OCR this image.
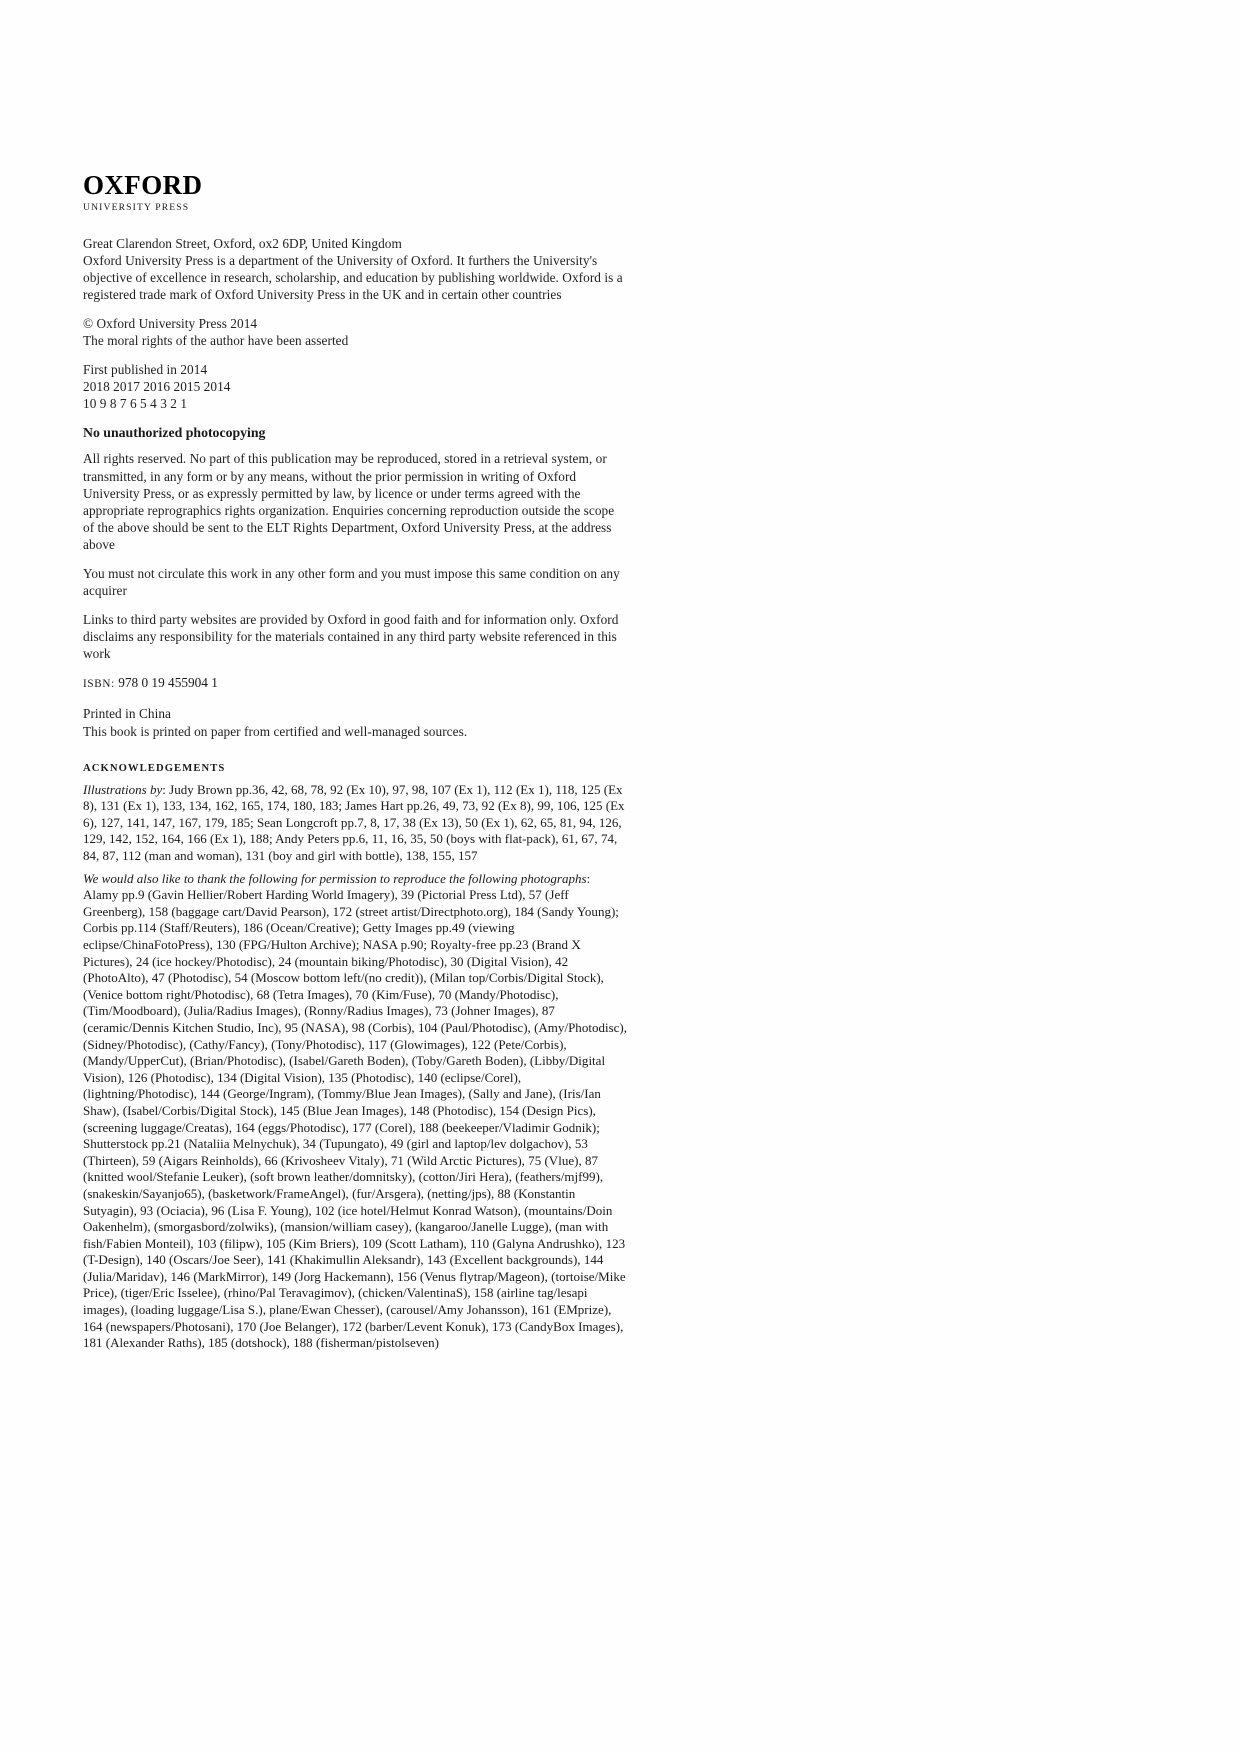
OXFORD
UNIVERSITY PRESS

Great Clarendon Street, Oxford, ox2 6DP, United Kingdom

Oxford University Press is a department of the University of Oxford. It furthers the University's objective of excellence in research, scholarship, and education by publishing worldwide. Oxford is a registered trade mark of Oxford University Press in the UK and in certain other countries

© Oxford University Press 2014

The moral rights of the author have been asserted

First published in 2014

2018 2017 2016 2015 2014

10 9 8 7 6 5 4 3 2 1

No unauthorized photocopying

All rights reserved. No part of this publication may be reproduced, stored in a retrieval system, or transmitted, in any form or by any means, without the prior permission in writing of Oxford University Press, or as expressly permitted by law, by licence or under terms agreed with the appropriate reprographics rights organization. Enquiries concerning reproduction outside the scope of the above should be sent to the ELT Rights Department, Oxford University Press, at the address above

You must not circulate this work in any other form and you must impose this same condition on any acquirer

Links to third party websites are provided by Oxford in good faith and for information only. Oxford disclaims any responsibility for the materials contained in any third party website referenced in this work

ISBN: 978 0 19 455904 1

Printed in China

This book is printed on paper from certified and well-managed sources.

ACKNOWLEDGEMENTS

Illustrations by: Judy Brown pp.36, 42, 68, 78, 92 (Ex 10), 97, 98, 107 (Ex 1), 112 (Ex 1), 118, 125 (Ex 8), 131 (Ex 1), 133, 134, 162, 165, 174, 180, 183; James Hart pp.26, 49, 73, 92 (Ex 8), 99, 106, 125 (Ex 6), 127, 141, 147, 167, 179, 185; Sean Longcroft pp.7, 8, 17, 38 (Ex 13), 50 (Ex 1), 62, 65, 81, 94, 126, 129, 142, 152, 164, 166 (Ex 1), 188; Andy Peters pp.6, 11, 16, 35, 50 (boys with flat-pack), 61, 67, 74, 84, 87, 112 (man and woman), 131 (boy and girl with bottle), 138, 155, 157

We would also like to thank the following for permission to reproduce the following photographs: Alamy pp.9 (Gavin Hellier/Robert Harding World Imagery), 39 (Pictorial Press Ltd), 57 (Jeff Greenberg), 158 (baggage cart/David Pearson), 172 (street artist/Directphoto.org), 184 (Sandy Young); Corbis pp.114 (Staff/Reuters), 186 (Ocean/Creative); Getty Images pp.49 (viewing eclipse/ChinaFotoPress), 130 (FPG/Hulton Archive); NASA p.90; Royalty-free pp.23 (Brand X Pictures), 24 (ice hockey/Photodisc), 24 (mountain biking/Photodisc), 30 (Digital Vision), 42 (PhotoAlto), 47 (Photodisc), 54 (Moscow bottom left/(no credit)), (Milan top/Corbis/Digital Stock), (Venice bottom right/Photodisc), 68 (Tetra Images), 70 (Kim/Fuse), 70 (Mandy/Photodisc), (Tim/Moodboard), (Julia/Radius Images), (Ronny/Radius Images), 73 (Johner Images), 87 (ceramic/Dennis Kitchen Studio, Inc), 95 (NASA), 98 (Corbis), 104 (Paul/Photodisc), (Amy/Photodisc), (Sidney/Photodisc), (Cathy/Fancy), (Tony/Photodisc), 117 (Glowimages), 122 (Pete/Corbis), (Mandy/UpperCut), (Brian/Photodisc), (Isabel/Gareth Boden), (Toby/Gareth Boden), (Libby/Digital Vision), 126 (Photodisc), 134 (Digital Vision), 135 (Photodisc), 140 (eclipse/Corel), (lightning/Photodisc), 144 (George/Ingram), (Tommy/Blue Jean Images), (Sally and Jane), (Iris/Ian Shaw), (Isabel/Corbis/Digital Stock), 145 (Blue Jean Images), 148 (Photodisc), 154 (Design Pics), (screening luggage/Creatas), 164 (eggs/Photodisc), 177 (Corel), 188 (beekeeper/Vladimir Godnik); Shutterstock pp.21 (Nataliia Melnychuk), 34 (Tupungato), 49 (girl and laptop/lev dolgachov), 53 (Thirteen), 59 (Aigars Reinholds), 66 (Krivosheev Vitaly), 71 (Wild Arctic Pictures), 75 (Vlue), 87 (knitted wool/Stefanie Leuker), (soft brown leather/domnitsky), (cotton/Jiri Hera), (feathers/mjf99), (snakeskin/Sayanjo65), (basketwork/FrameAngel), (fur/Arsgera), (netting/jps), 88 (Konstantin Sutyagin), 93 (Ociacia), 96 (Lisa F. Young), 102 (ice hotel/Helmut Konrad Watson), (mountains/Doin Oakenhelm), (smorgasbord/zolwiks), (mansion/william casey), (kangaroo/Janelle Lugge), (man with fish/Fabien Monteil), 103 (filipw), 105 (Kim Briers), 109 (Scott Latham), 110 (Galyna Andrushko), 123 (T-Design), 140 (Oscars/Joe Seer), 141 (Khakimullin Aleksandr), 143 (Excellent backgrounds), 144 (Julia/Maridav), 146 (MarkMirror), 149 (Jorg Hackemann), 156 (Venus flytrap/Mageon), (tortoise/Mike Price), (tiger/Eric Isselee), (rhino/Pal Teravagimov), (chicken/ValentinaS), 158 (airline tag/lesapi images), (loading luggage/Lisa S.), plane/Ewan Chesser), (carousel/Amy Johansson), 161 (EMprize), 164 (newspapers/Photosani), 170 (Joe Belanger), 172 (barber/Levent Konuk), 173 (CandyBox Images), 181 (Alexander Raths), 185 (dotshock), 188 (fisherman/pistolseven)
